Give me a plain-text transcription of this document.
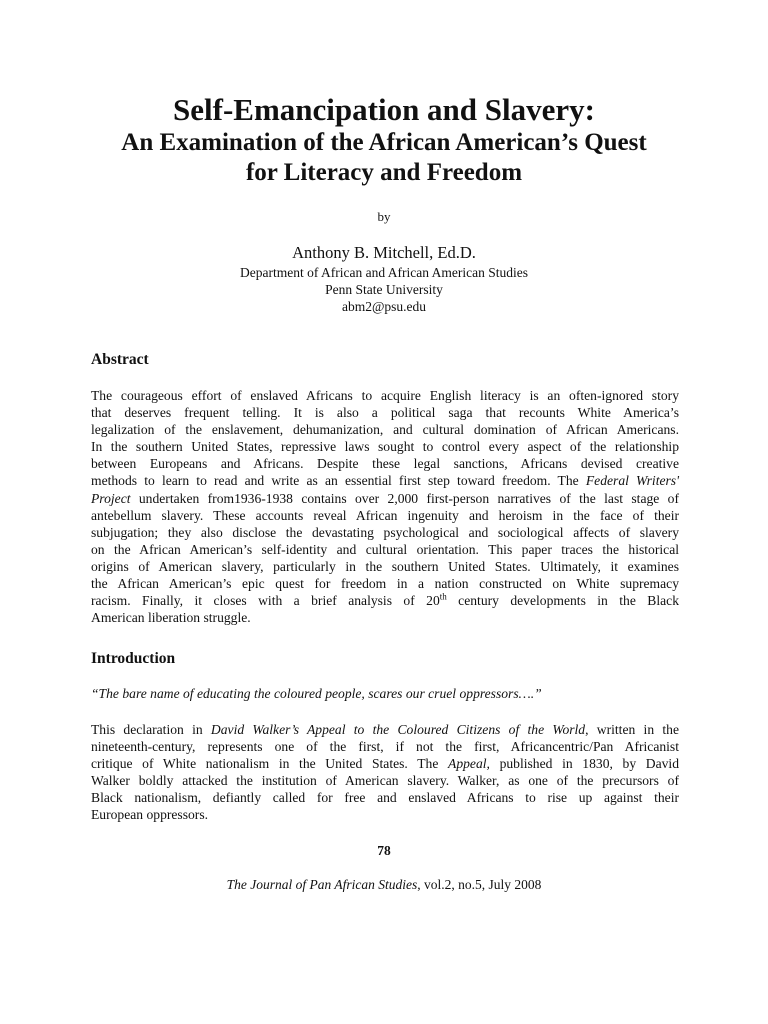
Self-Emancipation and Slavery:
An Examination of the African American’s Quest
for Literacy and Freedom
by
Anthony B. Mitchell, Ed.D.
Department of African and African American Studies
Penn State University
abm2@psu.edu
Abstract
The courageous effort of enslaved Africans to acquire English literacy is an often-ignored story
that deserves frequent telling. It is also a political saga that recounts White America’s
legalization of the enslavement, dehumanization, and cultural domination of African Americans.
In the southern United States, repressive laws sought to control every aspect of the relationship
between Europeans and Africans. Despite these legal sanctions, Africans devised creative
methods to learn to read and write as an essential first step toward freedom. The Federal Writers'
Project undertaken from1936-1938 contains over 2,000 first-person narratives of the last stage of
antebellum slavery. These accounts reveal African ingenuity and heroism in the face of their
subjugation; they also disclose the devastating psychological and sociological affects of slavery
on the African American’s self-identity and cultural orientation. This paper traces the historical
origins of American slavery, particularly in the southern United States. Ultimately, it examines
the African American’s epic quest for freedom in a nation constructed on White supremacy
racism. Finally, it closes with a brief analysis of 20th century developments in the Black
American liberation struggle.
Introduction
“The bare name of educating the coloured people, scares our cruel oppressors….”
This declaration in David Walker’s Appeal to the Coloured Citizens of the World, written in the
nineteenth-century, represents one of the first, if not the first, Africancentric/Pan Africanist
critique of White nationalism in the United States. The Appeal, published in 1830, by David
Walker boldly attacked the institution of American slavery. Walker, as one of the precursors of
Black nationalism, defiantly called for free and enslaved Africans to rise up against their
European oppressors.
78
The Journal of Pan African Studies, vol.2, no.5, July 2008
